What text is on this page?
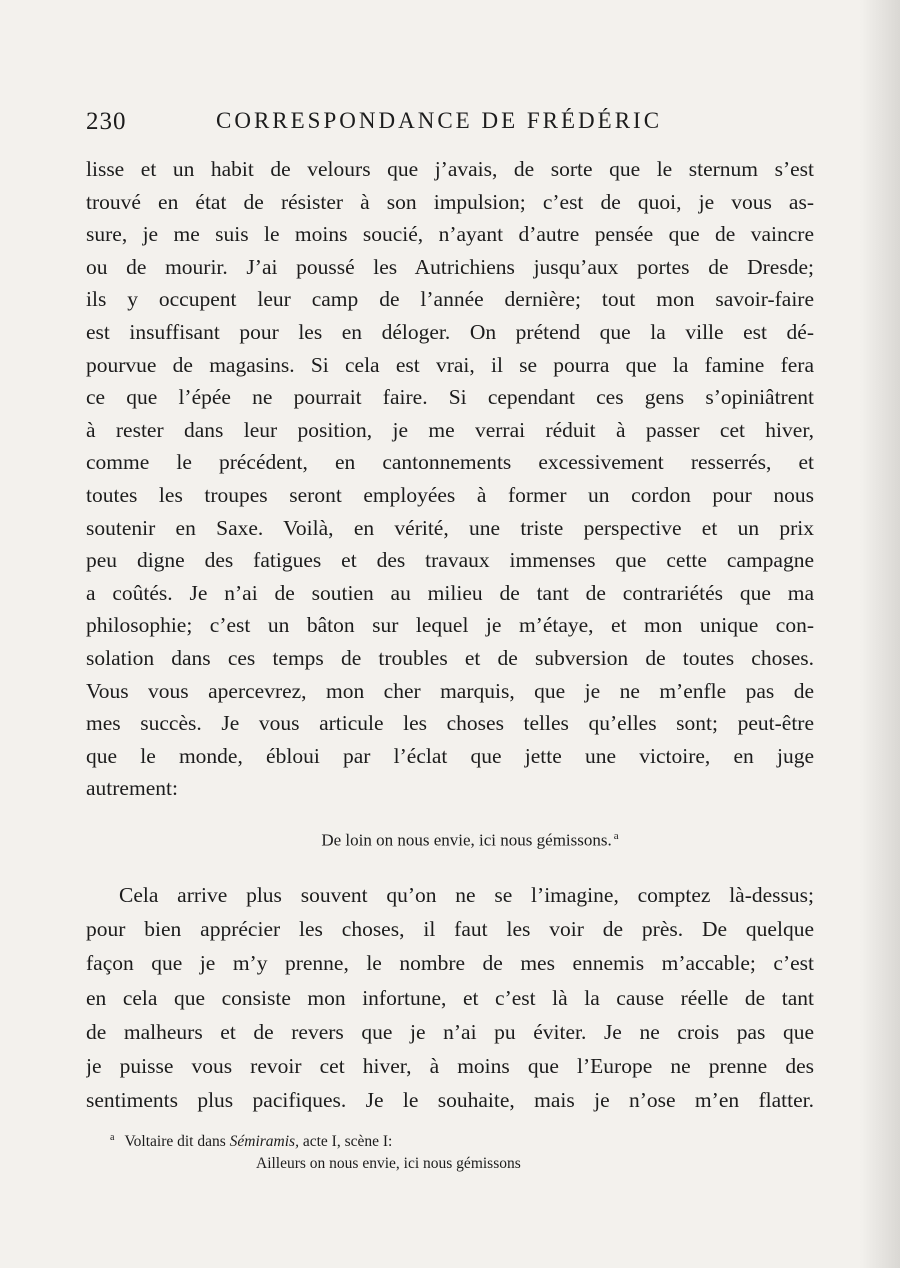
230	CORRESPONDANCE DE FRÉDÉRIC
lisse et un habit de velours que j’avais, de sorte que le sternum s’est
trouvé en état de résister à son impulsion; c’est de quoi, je vous as-
sure, je me suis le moins soucié, n’ayant d’autre pensée que de vaincre
ou de mourir. J’ai poussé les Autrichiens jusqu’aux portes de Dresde;
ils y occupent leur camp de l’année dernière; tout mon savoir-faire
est insuffisant pour les en déloger. On prétend que la ville est dé-
pourvue de magasins. Si cela est vrai, il se pourra que la famine fera
ce que l’épée ne pourrait faire. Si cependant ces gens s’opiniâtrent
à rester dans leur position, je me verrai réduit à passer cet hiver,
comme le précédent, en cantonnements excessivement resserrés, et
toutes les troupes seront employées à former un cordon pour nous
soutenir en Saxe. Voilà, en vérité, une triste perspective et un prix
peu digne des fatigues et des travaux immenses que cette campagne
a coûtés. Je n’ai de soutien au milieu de tant de contrariétés que ma
philosophie; c’est un bâton sur lequel je m’étaye, et mon unique con-
solation dans ces temps de troubles et de subversion de toutes choses.
Vous vous apercevrez, mon cher marquis, que je ne m’enfle pas de
mes succès. Je vous articule les choses telles qu’elles sont; peut-être
que le monde, ébloui par l’éclat que jette une victoire, en juge
autrement:
De loin on nous envie, ici nous gémissons. $^a$
Cela arrive plus souvent qu’on ne se l’imagine, comptez là-dessus;
pour bien apprécier les choses, il faut les voir de près. De quelque
façon que je m’y prenne, le nombre de mes ennemis m’accable; c’est
en cela que consiste mon infortune, et c’est là la cause réelle de tant
de malheurs et de revers que je n’ai pu éviter. Je ne crois pas que
je puisse vous revoir cet hiver, à moins que l’Europe ne prenne des
sentiments plus pacifiques. Je le souhaite, mais je n’ose m’en flatter.
$^a$ Voltaire dit dans Sémiramis, acte I, scène I:
Ailleurs on nous envie, ici nous gémissons
